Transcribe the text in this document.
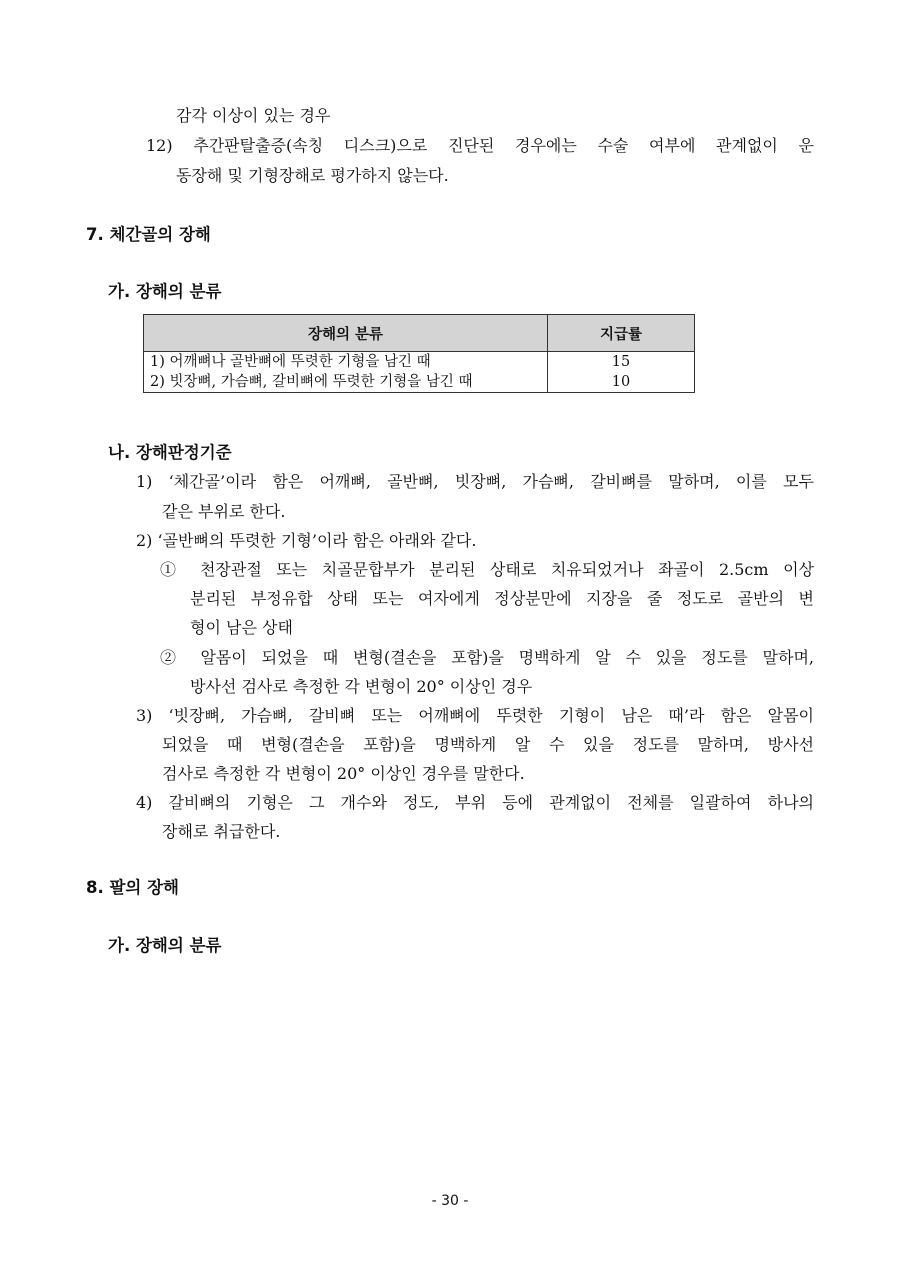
감각 이상이 있는 경우
12) 추간판탈출증(속칭 디스크)으로 진단된 경우에는 수술 여부에 관계없이 운
동장해 및 기형장해로 평가하지 않는다.
7. 체간골의 장해
가. 장해의 분류
장해의 분류	지급률
1) 어깨뼈나 골반뼈에 뚜렷한 기형을 남긴 때	15
2) 빗장뼈, 가슴뼈, 갈비뼈에 뚜렷한 기형을 남긴 때	10
나. 장해판정기준
1) ‘체간골’이라 함은 어깨뼈, 골반뼈, 빗장뼈, 가슴뼈, 갈비뼈를 말하며, 이를 모두
같은 부위로 한다.
2) ‘골반뼈의 뚜렷한 기형’이라 함은 아래와 같다.
① 천장관절 또는 치골문합부가 분리된 상태로 치유되었거나 좌골이 2.5cm 이상
분리된 부정유합 상태 또는 여자에게 정상분만에 지장을 줄 정도로 골반의 변
형이 남은 상태
② 알몸이 되었을 때 변형(결손을 포함)을 명백하게 알 수 있을 정도를 말하며,
방사선 검사로 측정한 각 변형이 20° 이상인 경우
3) ‘빗장뼈, 가슴뼈, 갈비뼈 또는 어깨뼈에 뚜렷한 기형이 남은 때’라 함은 알몸이
되었을 때 변형(결손을 포함)을 명백하게 알 수 있을 정도를 말하며, 방사선
검사로 측정한 각 변형이 20° 이상인 경우를 말한다.
4) 갈비뼈의 기형은 그 개수와 정도, 부위 등에 관계없이 전체를 일괄하여 하나의
장해로 취급한다.
8. 팔의 장해
가. 장해의 분류
- 30 -
